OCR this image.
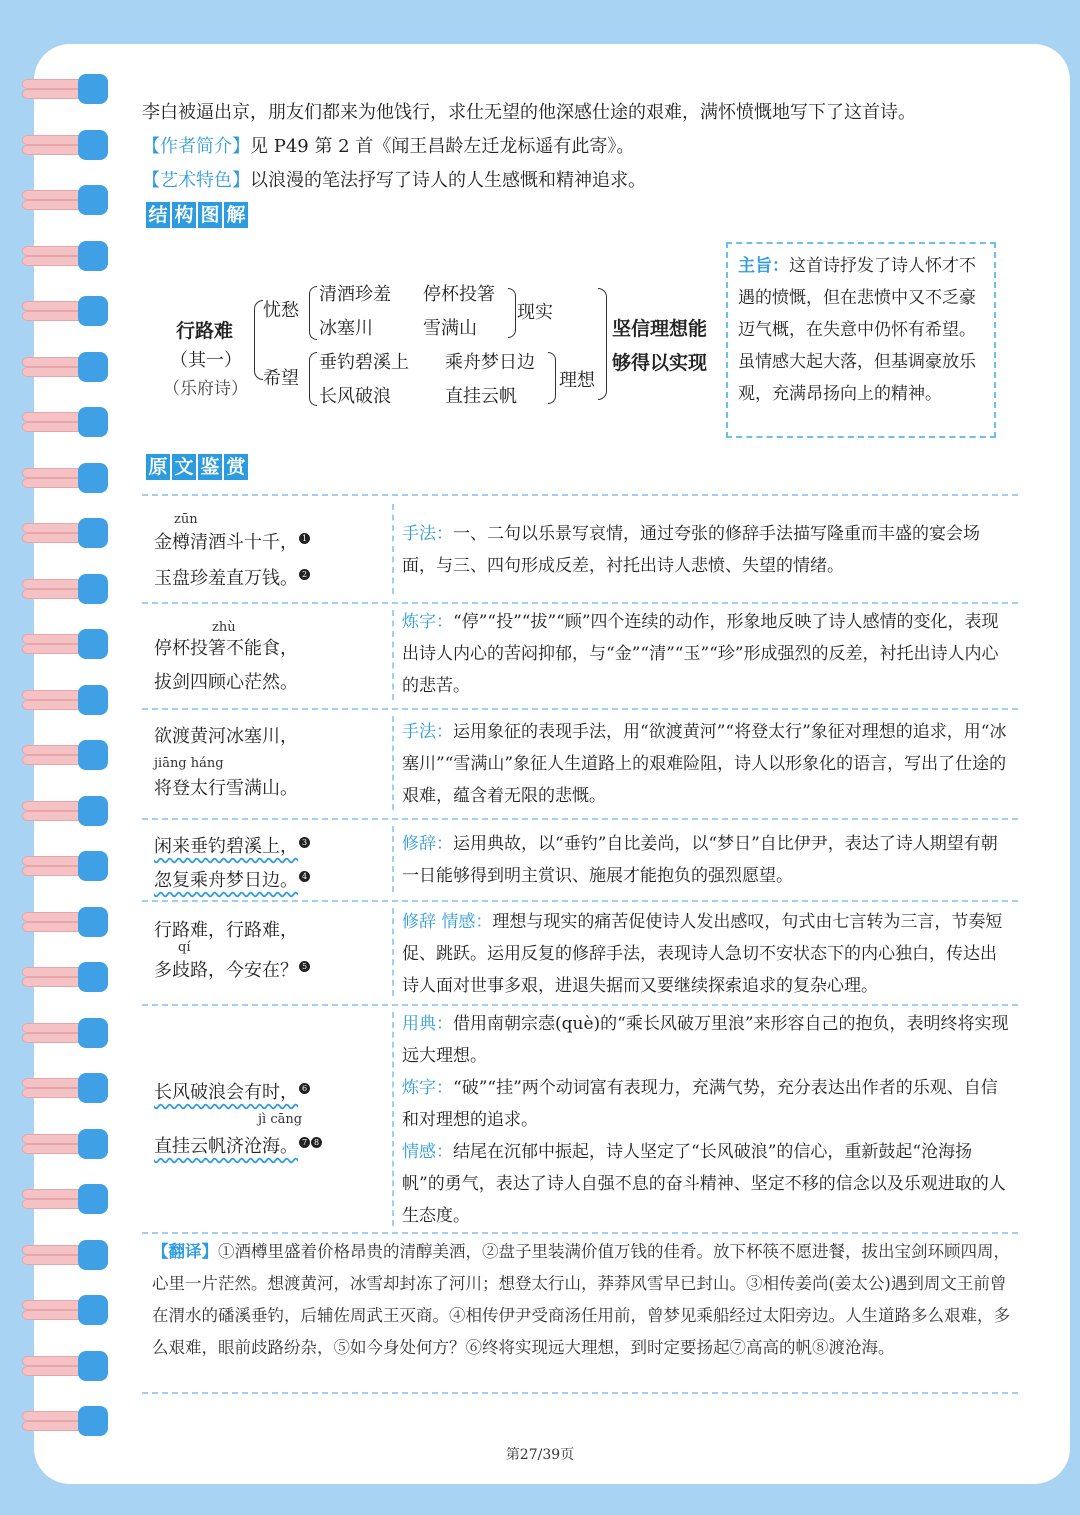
李白被逼出京，朋友们都来为他饯行，求仕无望的他深感仕途的艰难，满怀愤慨地写下了这首诗。
【作者简介】见 P49 第 2 首《闻王昌龄左迁龙标遥有此寄》。
【艺术特色】以浪漫的笔法抒写了诗人的人生感慨和精神追求。
结 构 图 解
行路难
（其一）
（乐府诗）
忧愁
希望
清酒珍羞 停杯投箸
冰塞川	雪满山
垂钓碧溪上 乘舟梦日边
长风破浪	直挂云帆
现实
理想
坚信理想能
够得以实现
主旨：这首诗抒发了诗人怀才不遇的愤慨，但在悲愤中又不乏豪迈气概，在失意中仍怀有希望。虽情感大起大落，但基调豪放乐观，充满昂扬向上的精神。
原 文 鉴 赏
zūn
金樽清酒斗十千， 1
玉盘珍羞直万钱。 2
手法：一、二句以乐景写哀情，通过夸张的修辞手法描写隆重而丰盛的宴会场面，与三、四句形成反差，衬托出诗人悲愤、失望的情绪。
zhù
停杯投箸不能食，
拔剑四顾心茫然。
炼字：“停”“投”“拔”“顾”四个连续的动作，形象地反映了诗人感情的变化，表现出诗人内心的苦闷抑郁，与“金”“清”“玉”“珍”形成强烈的反差，衬托出诗人内心的悲苦。
欲渡黄河冰塞川，
jiāng háng
将登太行雪满山。
手法：运用象征的表现手法，用“欲渡黄河”“将登太行”象征对理想的追求，用“冰塞川”“雪满山”象征人生道路上的艰难险阻，诗人以形象化的语言，写出了仕途的艰难，蕴含着无限的悲慨。
闲来垂钓碧溪上， 3
忽复乘舟梦日边。 4
修辞：运用典故，以“垂钓”自比姜尚，以“梦日”自比伊尹，表达了诗人期望有朝一日能够得到明主赏识、施展才能抱负的强烈愿望。
行路难，行路难，
qí
多歧路，今安在？ 5
修辞 情感：理想与现实的痛苦促使诗人发出感叹，句式由七言转为三言，节奏短促、跳跃。运用反复的修辞手法，表现诗人急切不安状态下的内心独白，传达出诗人面对世事多艰，进退失据而又要继续探索追求的复杂心理。
长风破浪会有时， 6
jì cāng
直挂云帆济沧海。 7 8
用典：借用南朝宗悫(què)的“乘长风破万里浪”来形容自己的抱负，表明终将实现远大理想。
炼字：“破”“挂”两个动词富有表现力，充满气势，充分表达出作者的乐观、自信和对理想的追求。
情感：结尾在沉郁中振起，诗人坚定了“长风破浪”的信心，重新鼓起“沧海扬帆”的勇气，表达了诗人自强不息的奋斗精神、坚定不移的信念以及乐观进取的人生态度。
【翻译】①酒樽里盛着价格昂贵的清醇美酒，②盘子里装满价值万钱的佳肴。放下杯筷不愿进餐，拔出宝剑环顾四周，心里一片茫然。想渡黄河，冰雪却封冻了河川；想登太行山，莽莽风雪早已封山。③相传姜尚(姜太公)遇到周文王前曾在渭水的磻溪垂钓，后辅佐周武王灭商。④相传伊尹受商汤任用前，曾梦见乘船经过太阳旁边。人生道路多么艰难，多么艰难，眼前歧路纷杂，⑤如今身处何方？⑥终将实现远大理想，到时定要扬起⑦高高的帆⑧渡沧海。
第27/39页
